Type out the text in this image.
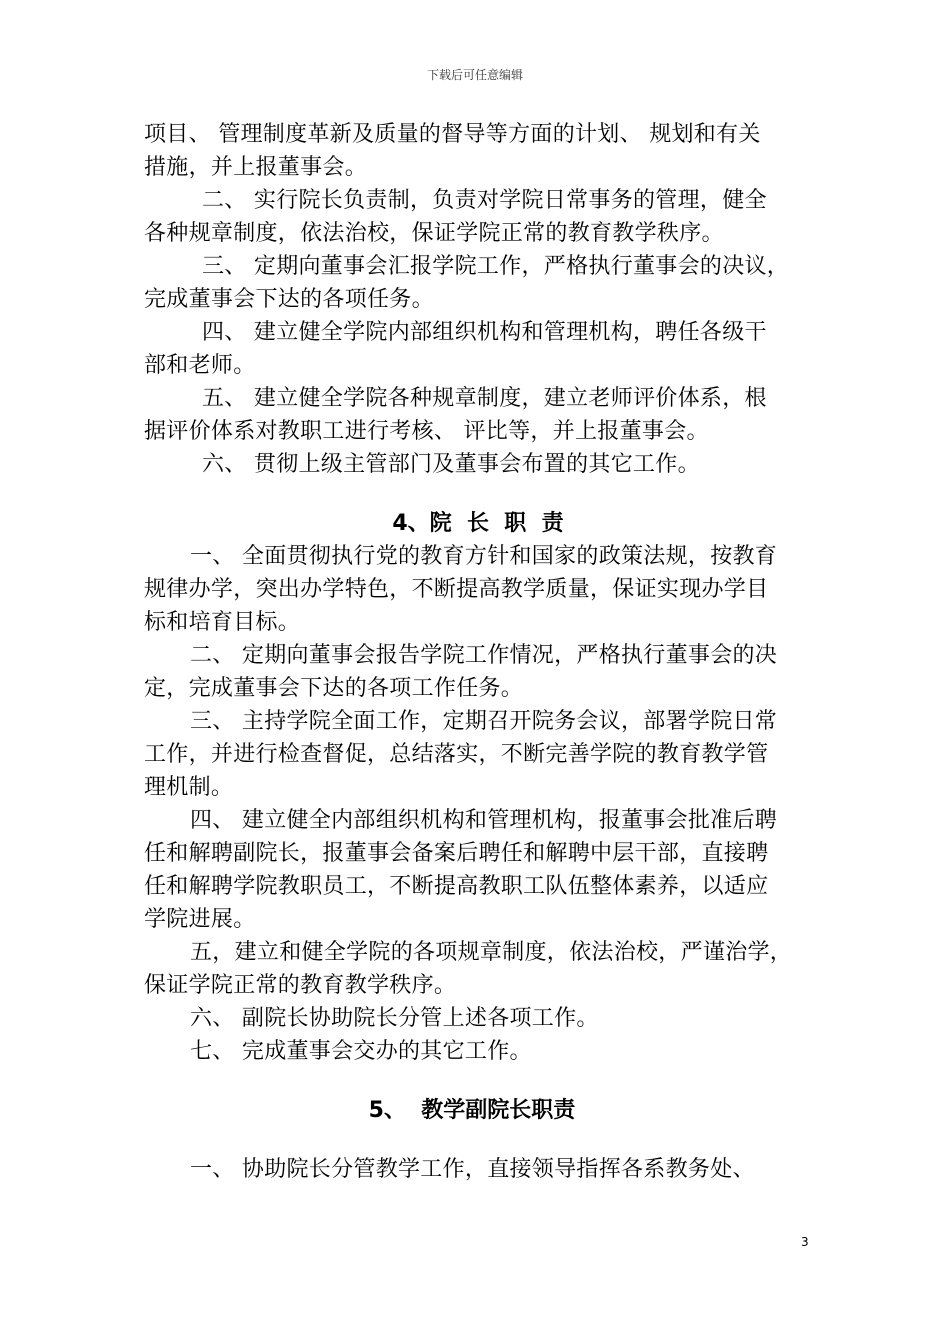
下载后可任意编辑
项目、 管理制度革新及质量的督导等方面的计划、 规划和有关
措施，并上报董事会。
二、 实行院长负责制，负责对学院日常事务的管理，健全
各种规章制度，依法治校，保证学院正常的教育教学秩序。
三、 定期向董事会汇报学院工作，严格执行董事会的决议，
完成董事会下达的各项任务。
四、 建立健全学院内部组织机构和管理机构，聘任各级干
部和老师。
五、 建立健全学院各种规章制度，建立老师评价体系，根
据评价体系对教职工进行考核、 评比等，并上报董事会。
六、 贯彻上级主管部门及董事会布置的其它工作。
4、院  长  职  责
一、 全面贯彻执行党的教育方针和国家的政策法规，按教育
规律办学，突出办学特色，不断提高教学质量，保证实现办学目
标和培育目标。
二、 定期向董事会报告学院工作情况，严格执行董事会的决
定，完成董事会下达的各项工作任务。
三、 主持学院全面工作，定期召开院务会议，部署学院日常
工作，并进行检查督促，总结落实，不断完善学院的教育教学管
理机制。
四、 建立健全内部组织机构和管理机构，报董事会批准后聘
任和解聘副院长，报董事会备案后聘任和解聘中层干部，直接聘
任和解聘学院教职员工，不断提高教职工队伍整体素养，以适应
学院进展。
五，建立和健全学院的各项规章制度，依法治校，严谨治学，
保证学院正常的教育教学秩序。
六、 副院长协助院长分管上述各项工作。
七、 完成董事会交办的其它工作。
5、  教学副院长职责
一、 协助院长分管教学工作，直接领导指挥各系教务处、
3
